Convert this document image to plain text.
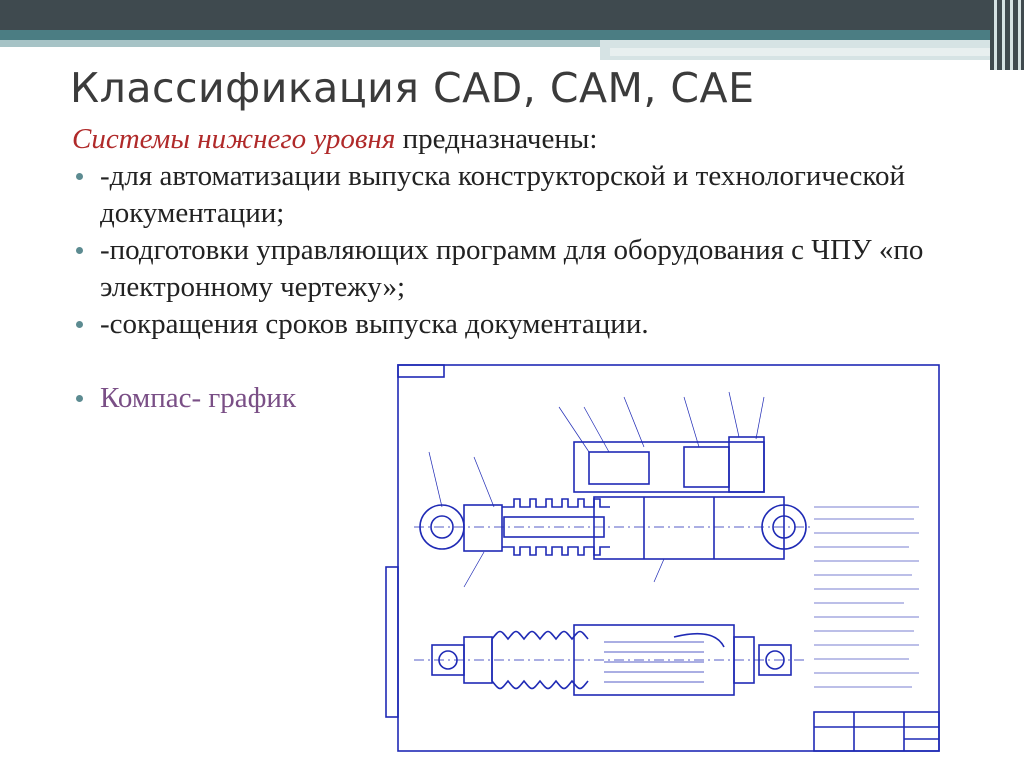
Классификация CAD, CAM, CAE
Системы нижнего уровня предназначены:
-для автоматизации выпуска конструкторской и технологической документации;
-подготовки управляющих программ для оборудования с ЧПУ «по электронному чертежу»;
-сокращения сроков выпуска документации.
Компас- график
